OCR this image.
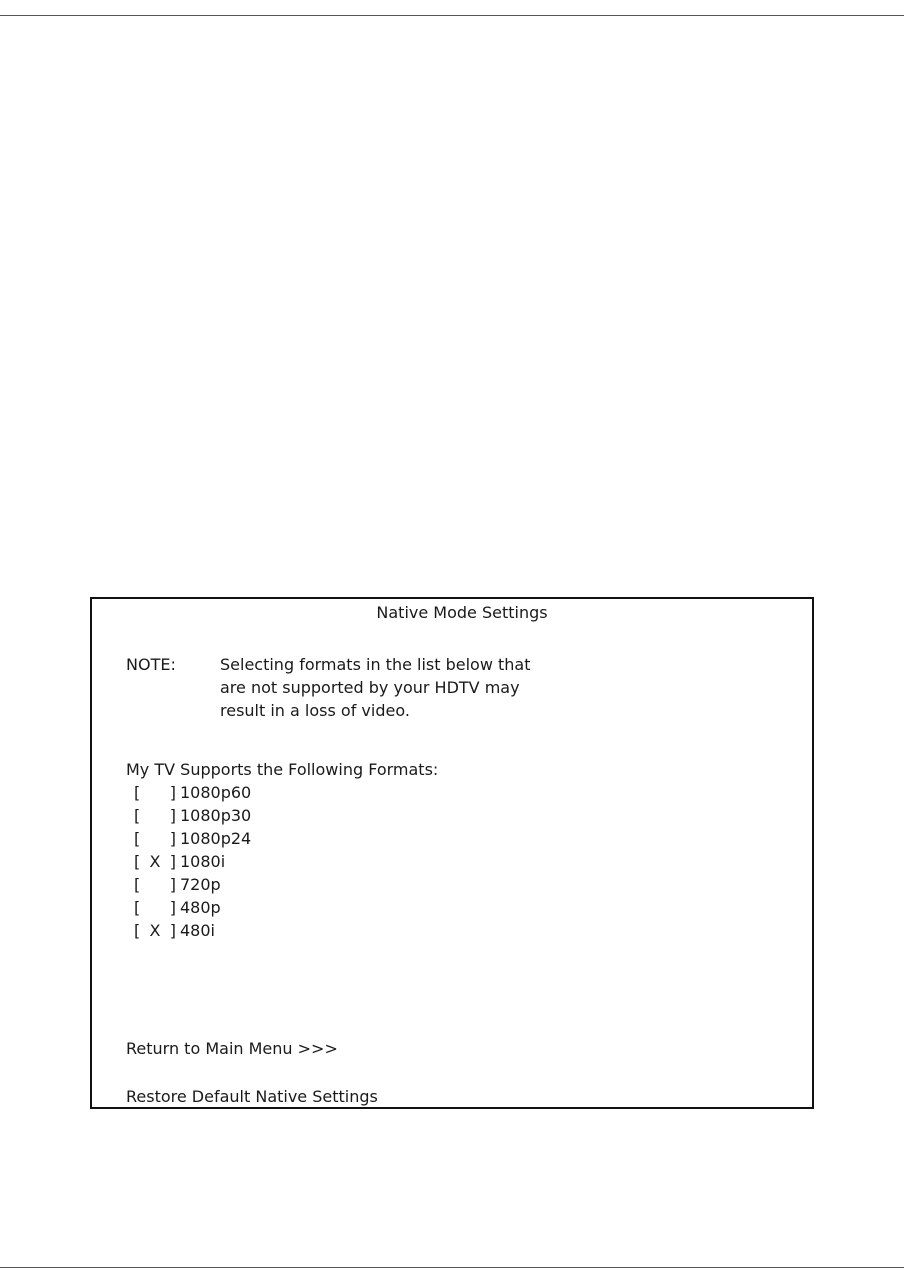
Native Mode Settings
NOTE:	Selecting formats in the list below that
are not supported by your HDTV may
result in a loss of video.
My TV Supports the Following Formats:
[ ] 1080p60
[ ] 1080p30
[ ] 1080p24
[ X ] 1080i
[ ] 720p
[ ] 480p
[ X ] 480i
Return to Main Menu >>>
Restore Default Native Settings
